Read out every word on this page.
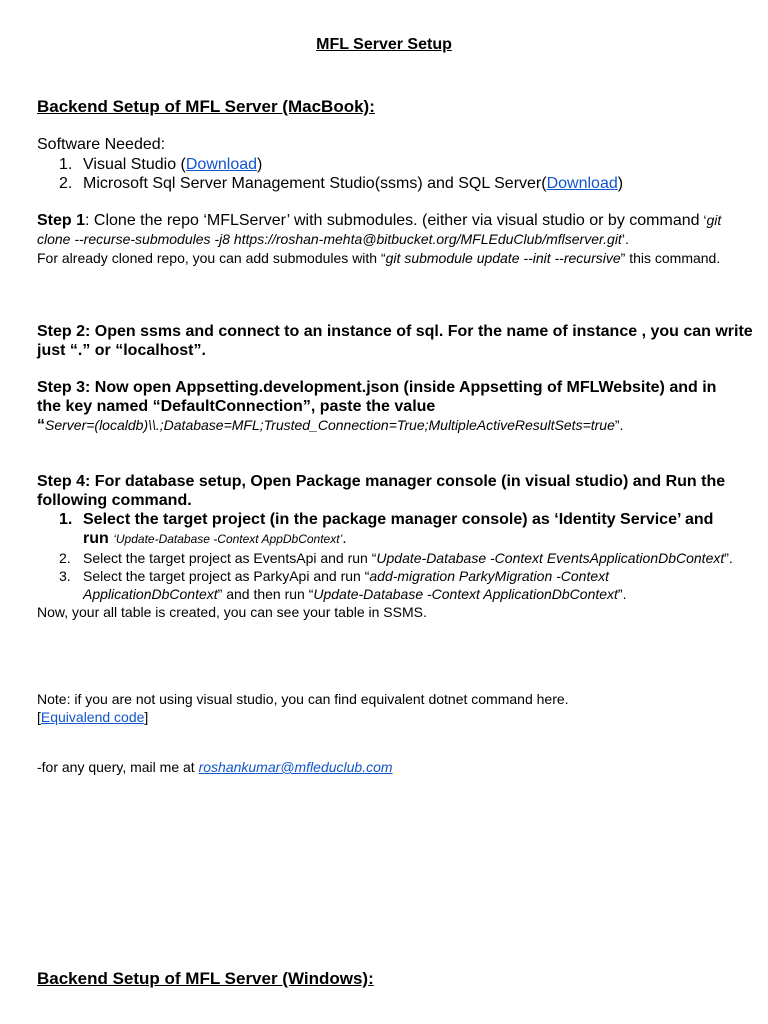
MFL Server Setup

Backend Setup of MFL Server (MacBook):

Software Needed:

1. Visual Studio (Download)
2. Microsoft Sql Server Management Studio(ssms) and SQL Server(Download)
Step 1: Clone the repo ‘MFLServer’ with submodules. (either via visual studio or by command ‘git clone --recurse-submodules -j8 https://roshan-mehta@bitbucket.org/MFLEduClub/mflserver.git’.
For already cloned repo, you can add submodules with “git submodule update --init --recursive” this command.

Step 2: Open ssms and connect to an instance of sql. For the name of instance , you can write just “.” or “localhost”.

Step 3: Now open Appsetting.development.json (inside Appsetting of MFLWebsite) and in the key named “DefaultConnection”, paste the value
“Server=(localdb)\\.;Database=MFL;Trusted_Connection=True;MultipleActiveResultSets=true”.
Step 4: For database setup, Open Package manager console (in visual studio) and Run the following command.
1. Select the target project (in the package manager console) as ‘Identity Service’ and run ‘Update-Database -Context AppDbContext’.
2. Select the target project as EventsApi and run “Update-Database -Context EventsApplicationDbContext”.
3. Select the target project as ParkyApi and run “add-migration ParkyMigration -Context ApplicationDbContext” and then run “Update-Database -Context ApplicationDbContext”.
Now, your all table is created, you can see your table in SSMS.
Note: if you are not using visual studio, you can find equivalent dotnet command here.
[Equivalend code]
-for any query, mail me at roshankumar@mfleduclub.com

Backend Setup of MFL Server (Windows):
